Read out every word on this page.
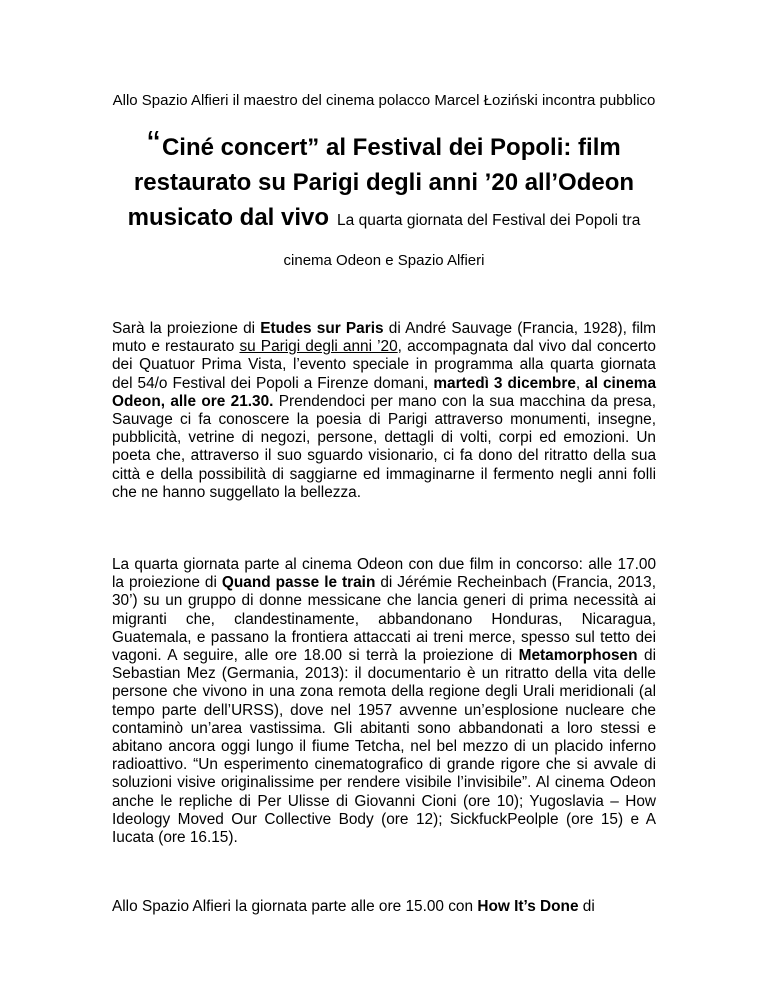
Allo Spazio Alfieri il maestro del cinema polacco Marcel Łoziński incontra pubblico
“Ciné concert” al Festival dei Popoli: film restaurato su Parigi degli anni ’20 all’Odeon musicato dal vivo La quarta giornata del Festival dei Popoli tra
cinema Odeon e Spazio Alfieri

Sarà la proiezione di Etudes sur Paris di André Sauvage (Francia, 1928), film muto e restaurato su Parigi degli anni ’20, accompagnata dal vivo dal concerto dei Quatuor Prima Vista, l’evento speciale in programma alla quarta giornata del 54/o Festival dei Popoli a Firenze domani, martedì 3 dicembre, al cinema Odeon, alle ore 21.30. Prendendoci per mano con la sua macchina da presa, Sauvage ci fa conoscere la poesia di Parigi attraverso monumenti, insegne, pubblicità, vetrine di negozi, persone, dettagli di volti, corpi ed emozioni. Un poeta che, attraverso il suo sguardo visionario, ci fa dono del ritratto della sua città e della possibilità di saggiarne ed immaginarne il fermento negli anni folli che ne hanno suggellato la bellezza.

La quarta giornata parte al cinema Odeon con due film in concorso: alle 17.00 la proiezione di Quand passe le train di Jérémie Recheinbach (Francia, 2013, 30’) su un gruppo di donne messicane che lancia generi di prima necessità ai migranti che, clandestinamente, abbandonano Honduras, Nicaragua, Guatemala, e passano la frontiera attaccati ai treni merce, spesso sul tetto dei vagoni. A seguire, alle ore 18.00 si terrà la proiezione di Metamorphosen di Sebastian Mez (Germania, 2013): il documentario è un ritratto della vita delle persone che vivono in una zona remota della regione degli Urali meridionali (al tempo parte dell’URSS), dove nel 1957 avvenne un’esplosione nucleare che contaminò un’area vastissima. Gli abitanti sono abbandonati a loro stessi e abitano ancora oggi lungo il fiume Tetcha, nel bel mezzo di un placido inferno radioattivo. “Un esperimento cinematografico di grande rigore che si avvale di soluzioni visive originalissime per rendere visibile l’invisibile”. Al cinema Odeon anche le repliche di Per Ulisse di Giovanni Cioni (ore 10); Yugoslavia – How Ideology Moved Our Collective Body (ore 12); SickfuckPeolple (ore 15) e A Iucata (ore 16.15).

Allo Spazio Alfieri la giornata parte alle ore 15.00 con How It’s Done di
